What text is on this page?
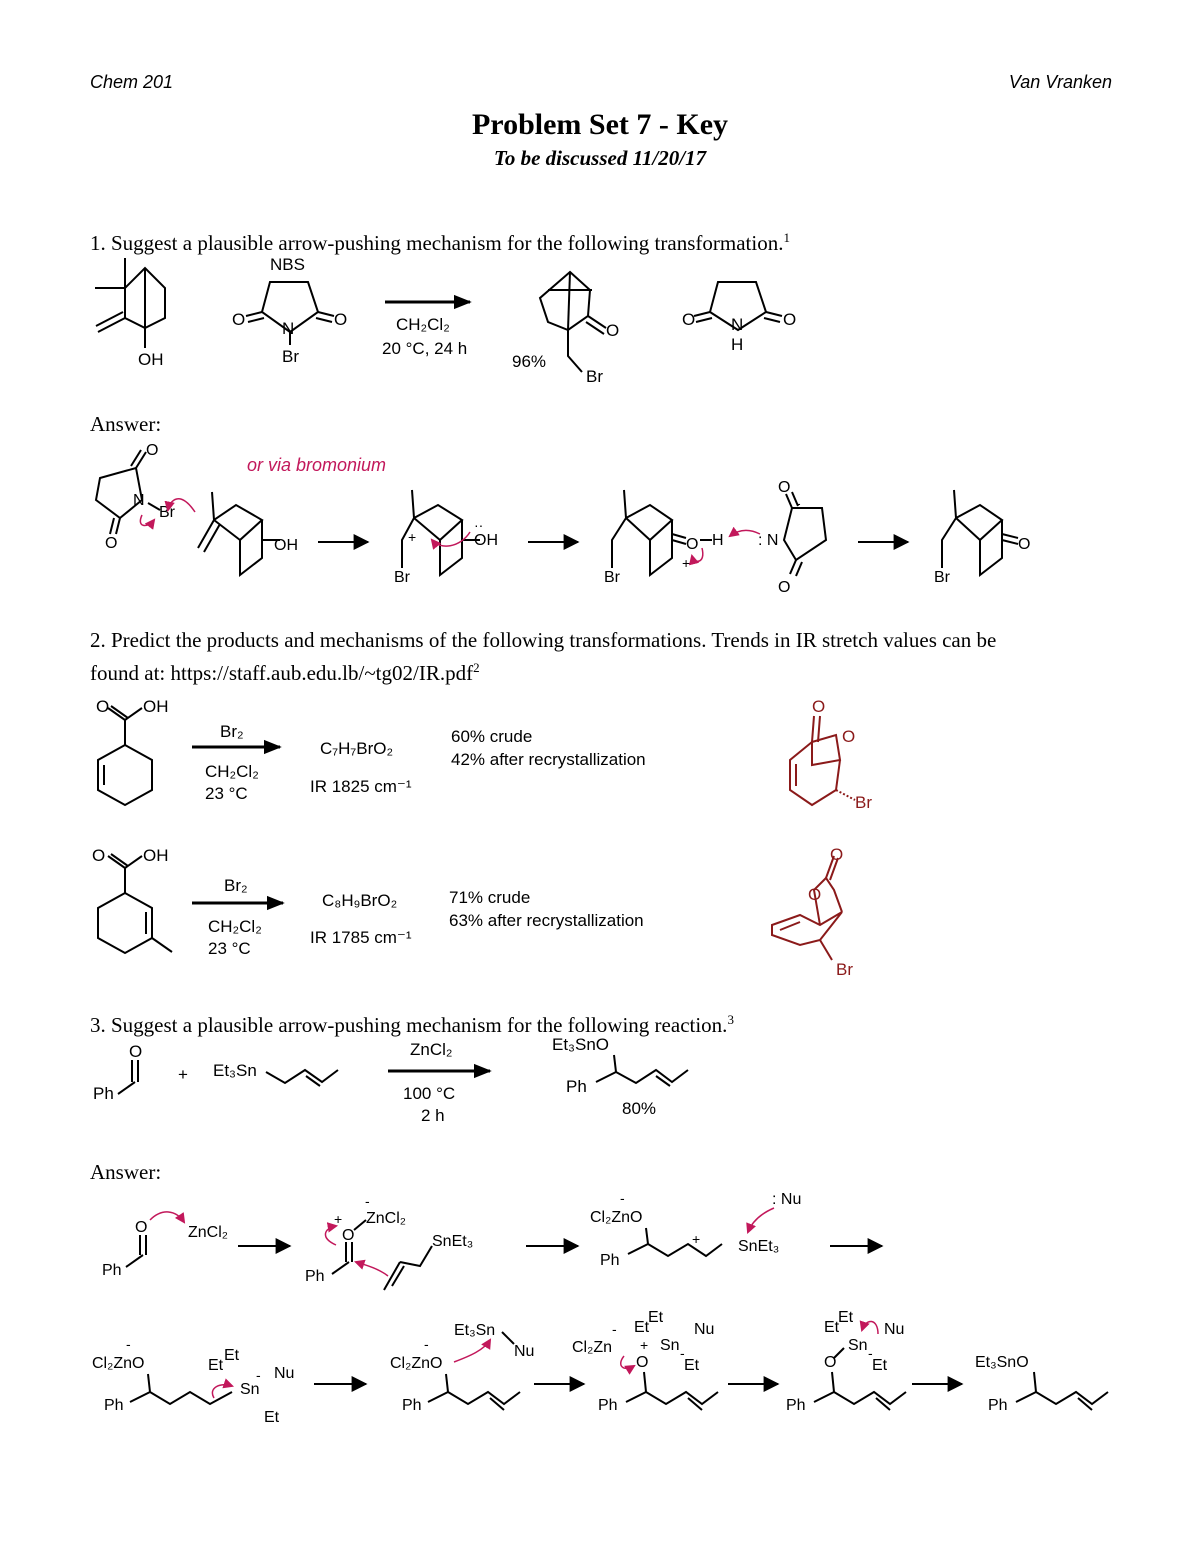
Chem 201	Van Vranken
Problem Set 7 - Key
To be discussed 11/20/17
1. Suggest a plausible arrow-pushing mechanism for the following transformation.$^1$
Answer:
2. Predict the products and mechanisms of the following transformations. Trends in IR stretch values can be
found at: https://staff.aub.edu.lb/~tg02/IR.pdf$^2$
3. Suggest a plausible arrow-pushing mechanism for the following reaction.$^3$
Answer:
OH
NBS
O	O
N
Br
CH₂Cl₂
20 °C, 24 h
O
96%
Br
O	O
N
H
or via bromonium
O
O
N
Br
OH	+	OH
··
Br
O
+
H
Br
: N
-
O
O
O
Br
O OH
Br₂
CH₂Cl₂
23 °C
C₇H₇BrO₂
IR 1825 cm⁻¹
60% crude
42% after recrystallization
O
O
Br
O OH
Br₂
CH₂Cl₂
23 °C
C₈H₉BrO₂
IR 1785 cm⁻¹
71% crude
63% after recrystallization
O
O
Br
O
Ph
+ Et₃Sn
ZnCl₂
100 °C
2 h
Et₃SnO
Ph
80%
O
Ph
ZnCl₂
+
-
ZnCl₂
O
Ph
SnEt₃
-
Cl₂ZnO
Ph
+ SnEt₃
: Nu
-
Cl₂ZnO
Ph
Et
Et
Sn
- Nu
Et
-
Cl₂ZnO
Ph
Et₃Sn
Nu
-
Cl₂Zn +
O
Et
Et
Sn -
Nu
Et
Ph
Et
Et
Sn -
Nu
Et
O
Ph
Et₃SnO
Ph
